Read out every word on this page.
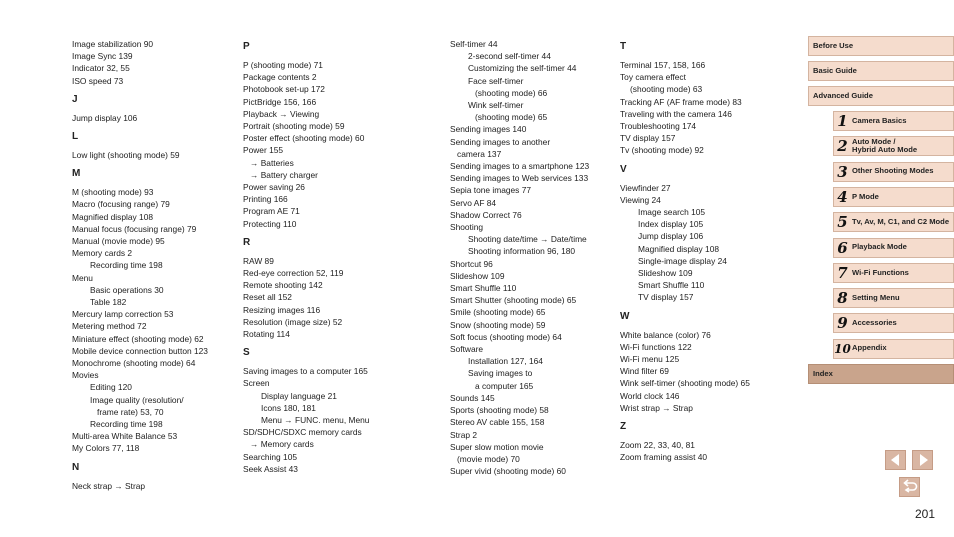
Image stabilization 90
Image Sync 139
Indicator 32, 55
ISO speed 73
J
Jump display 106
L
Low light (shooting mode) 59
M
M (shooting mode) 93
Macro (focusing range) 79
Magnified display 108
Manual focus (focusing range) 79
Manual (movie mode) 95
Memory cards 2
Recording time 198
Menu
Basic operations 30
Table 182
Mercury lamp correction 53
Metering method 72
Miniature effect (shooting mode) 62
Mobile device connection button 123
Monochrome (shooting mode) 64
Movies
Editing 120
Image quality (resolution/
frame rate) 53, 70
Recording time 198
Multi-area White Balance 53
My Colors 77, 118
N
Neck strap → Strap
P
P (shooting mode) 71
Package contents 2
Photobook set-up 172
PictBridge 156, 166
Playback → Viewing
Portrait (shooting mode) 59
Poster effect (shooting mode) 60
Power 155
→ Batteries
→ Battery charger
Power saving 26
Printing 166
Program AE 71
Protecting 110
R
RAW 89
Red-eye correction 52, 119
Remote shooting 142
Reset all 152
Resizing images 116
Resolution (image size) 52
Rotating 114
S
Saving images to a computer 165
Screen
Display language 21
Icons 180, 181
Menu → FUNC. menu, Menu
SD/SDHC/SDXC memory cards
→ Memory cards
Searching 105
Seek Assist 43
Self-timer 44
2-second self-timer 44
Customizing the self-timer 44
Face self-timer
(shooting mode) 66
Wink self-timer
(shooting mode) 65
Sending images 140
Sending images to another
camera 137
Sending images to a smartphone 123
Sending images to Web services 133
Sepia tone images 77
Servo AF 84
Shadow Correct 76
Shooting
Shooting date/time → Date/time
Shooting information 96, 180
Shortcut 96
Slideshow 109
Smart Shuffle 110
Smart Shutter (shooting mode) 65
Smile (shooting mode) 65
Snow (shooting mode) 59
Soft focus (shooting mode) 64
Software
Installation 127, 164
Saving images to
a computer 165
Sounds 145
Sports (shooting mode) 58
Stereo AV cable 155, 158
Strap 2
Super slow motion movie
(movie mode) 70
Super vivid (shooting mode) 60
T
Terminal 157, 158, 166
Toy camera effect
(shooting mode) 63
Tracking AF (AF frame mode) 83
Traveling with the camera 146
Troubleshooting 174
TV display 157
Tv (shooting mode) 92
V
Viewfinder 27
Viewing 24
Image search 105
Index display 105
Jump display 106
Magnified display 108
Single-image display 24
Slideshow 109
Smart Shuffle 110
TV display 157
W
White balance (color) 76
Wi-Fi functions 122
Wi-Fi menu 125
Wind filter 69
Wink self-timer (shooting mode) 65
World clock 146
Wrist strap → Strap
Z
Zoom 22, 33, 40, 81
Zoom framing assist 40
Before Use
Basic Guide
Advanced Guide
1 Camera Basics
2 Auto Mode /
Hybrid Auto Mode
3 Other Shooting Modes
4 P Mode
5 Tv, Av, M, C1, and C2 Mode
6 Playback Mode
7 Wi-Fi Functions
8 Setting Menu
9 Accessories
10 Appendix
Index
201
